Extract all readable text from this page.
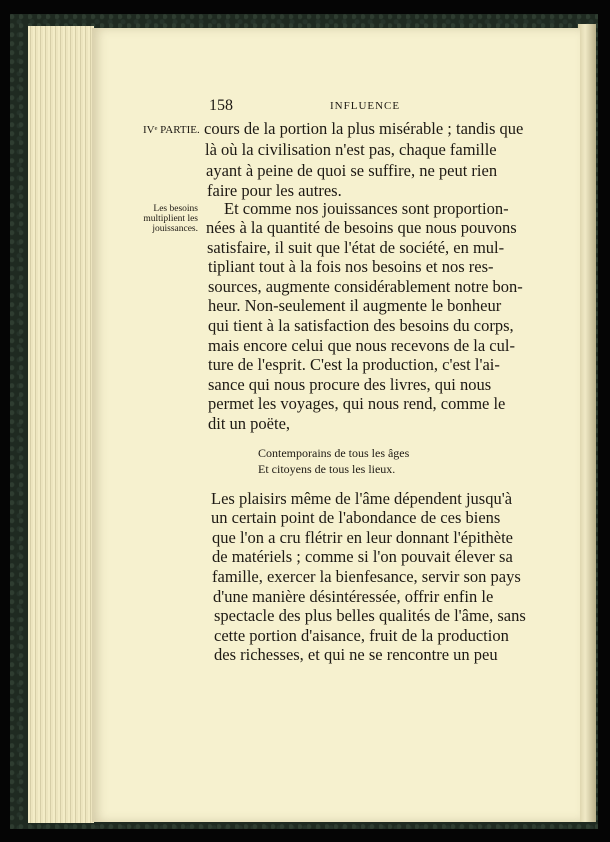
158	INFLUENCE
IVᵉ PARTIE.
Les besoins
multiplient les
jouissances.
cours de la portion la plus misérable ; tandis que
là où la civilisation n'est pas, chaque famille
ayant à peine de quoi se suffire, ne peut rien
faire pour les autres.
Et comme nos jouissances sont proportion-
nées à la quantité de besoins que nous pouvons
satisfaire, il suit que l'état de société, en mul-
tipliant tout à la fois nos besoins et nos res-
sources, augmente considérablement notre bon-
heur. Non-seulement il augmente le bonheur
qui tient à la satisfaction des besoins du corps,
mais encore celui que nous recevons de la cul-
ture de l'esprit. C'est la production, c'est l'ai-
sance qui nous procure des livres, qui nous
permet les voyages, qui nous rend, comme le
dit un poëte,
Contemporains de tous les âges
Et citoyens de tous les lieux.
Les plaisirs même de l'âme dépendent jusqu'à
un certain point de l'abondance de ces biens
que l'on a cru flétrir en leur donnant l'épithète
de matériels ; comme si l'on pouvait élever sa
famille, exercer la bienfesance, servir son pays
d'une manière désintéressée, offrir enfin le
spectacle des plus belles qualités de l'âme, sans
cette portion d'aisance, fruit de la production
des richesses, et qui ne se rencontre un peu
